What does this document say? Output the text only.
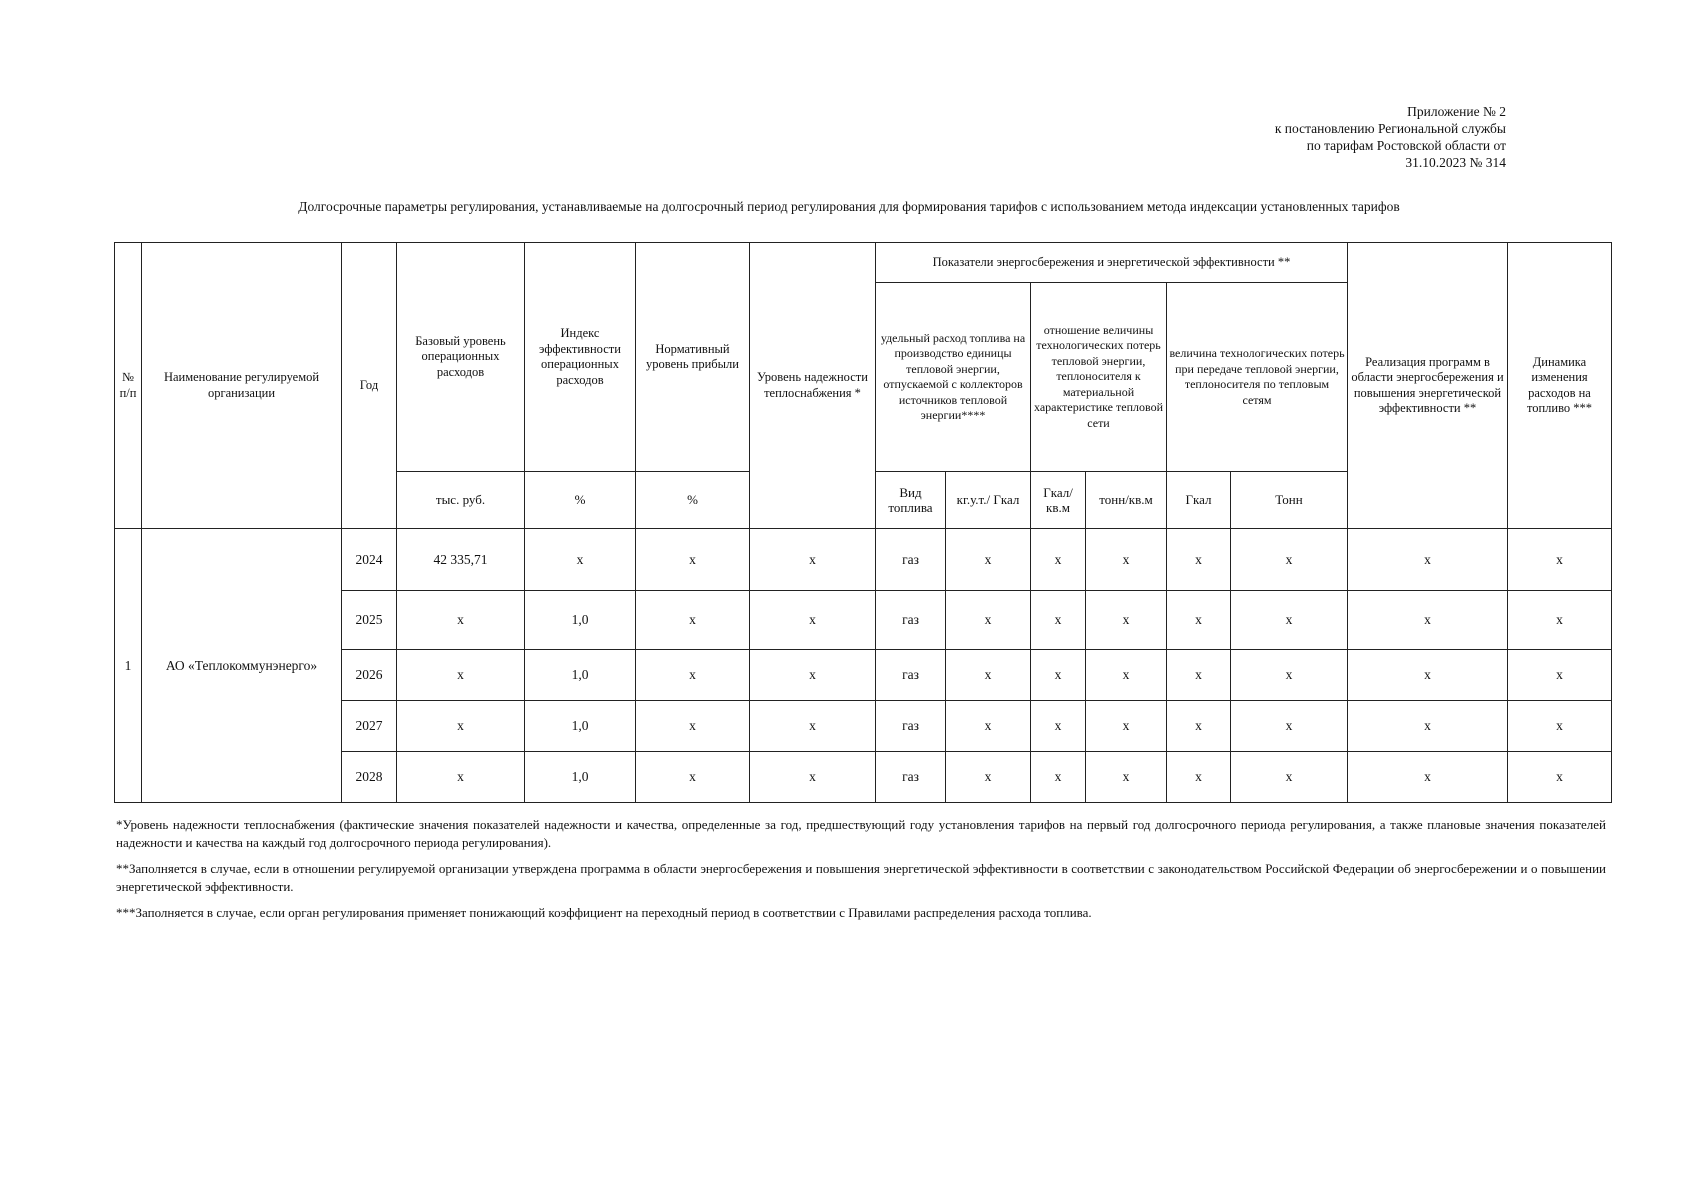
Приложение № 2
к постановлению Региональной службы
по тарифам Ростовской области от
31.10.2023 № 314
Долгосрочные параметры регулирования, устанавливаемые на долгосрочный период регулирования для формирования тарифов с использованием метода индексации установленных тарифов
№ п/п	Наименование регулируемой организации	Год	Базовый уровень операционных расходов	Индекс эффективности операционных расходов	Нормативный уровень прибыли	Уровень надежности теплоснабжения *	Показатели энергосбережения и энергетической эффективности **						Реализация программ в области энергосбережения и повышения энергетической эффективности **	Динамика изменения расходов на топливо ***
							удельный расход топлива на производство единицы тепловой энергии, отпускаемой с коллекторов источников тепловой энергии****		отношение величины технологических потерь тепловой энергии, теплоносителя к материальной характеристике тепловой сети		величина технологических потерь при передаче тепловой энергии, теплоносителя по тепловым сетям			
			тыс. руб.	%	%		Вид топлива	кг.у.т./ Гкал	Гкал/ кв.м	тонн/кв.м	Гкал	Тонн		
1	АО «Теплокоммунэнерго»	2024	42 335,71	x	x	x	газ	x	x	x	x	x	x	x
		2025	x	1,0	x	x	газ	x	x	x	x	x	x	x
		2026	x	1,0	x	x	газ	x	x	x	x	x	x	x
		2027	x	1,0	x	x	газ	x	x	x	x	x	x	x
		2028	x	1,0	x	x	газ	x	x	x	x	x	x	x
*Уровень надежности теплоснабжения (фактические значения показателей надежности и качества, определенные за год, предшествующий году установления тарифов на первый год долгосрочного периода регулирования, а также плановые значения показателей надежности и качества на каждый год долгосрочного периода регулирования).
**Заполняется в случае, если в отношении регулируемой организации утверждена программа в области энергосбережения и повышения энергетической эффективности в соответствии с законодательством Российской Федерации об энергосбережении и о повышении энергетической эффективности.
***Заполняется в случае, если орган регулирования применяет понижающий коэффициент на переходный период в соответствии с Правилами распределения расхода топлива.
